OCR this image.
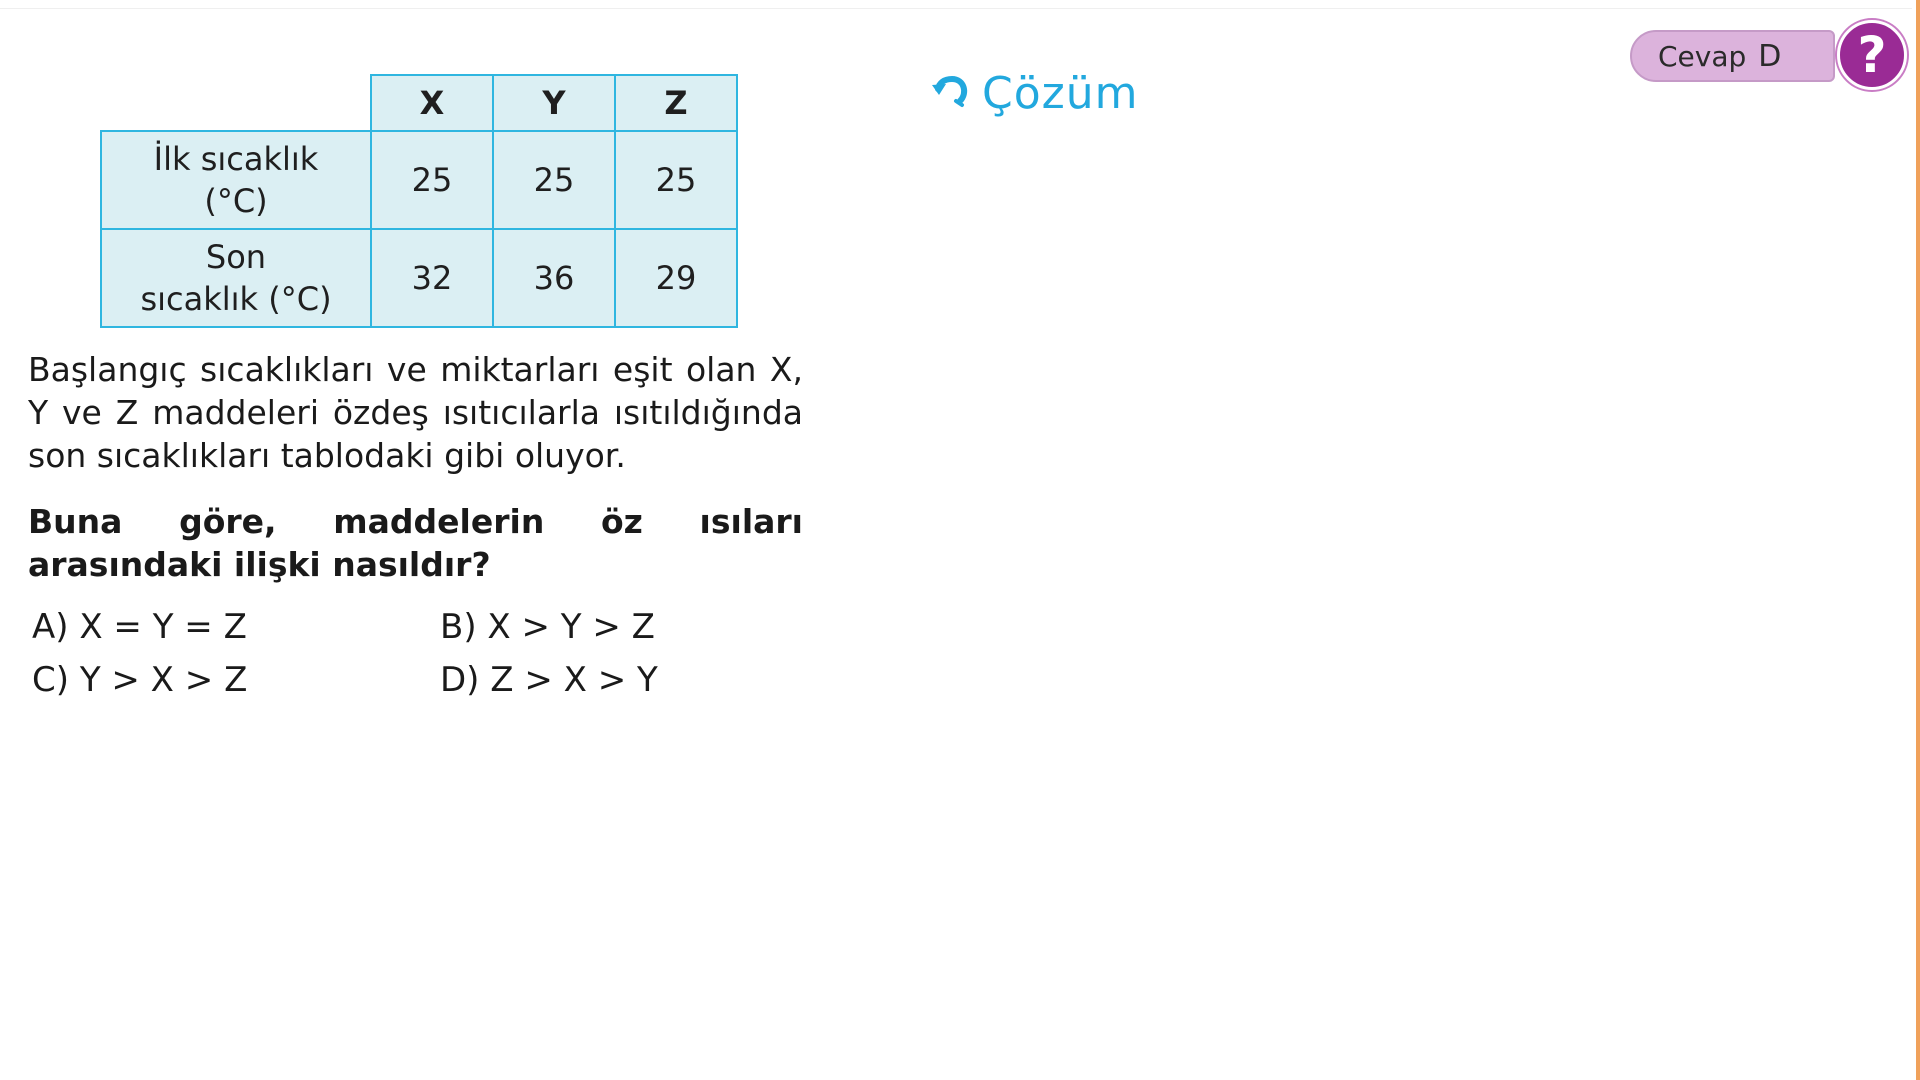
	X	Y	Z
İlk sıcaklık
(°C)	25	25	25
Son
sıcaklık (°C)	32	36	29

Başlangıç sıcaklıkları ve miktarları eşit olan X, Y ve Z maddeleri özdeş ısıtıcılarla ısıtıldığında son sıcaklıkları tablodaki gibi oluyor.

Buna göre, maddelerin öz ısıları arasındaki ilişki nasıldır?

A) X = Y = Z	B) X > Y > Z
C) Y > X > Z	D) Z > X > Y
Çözüm
Cevap D	?
